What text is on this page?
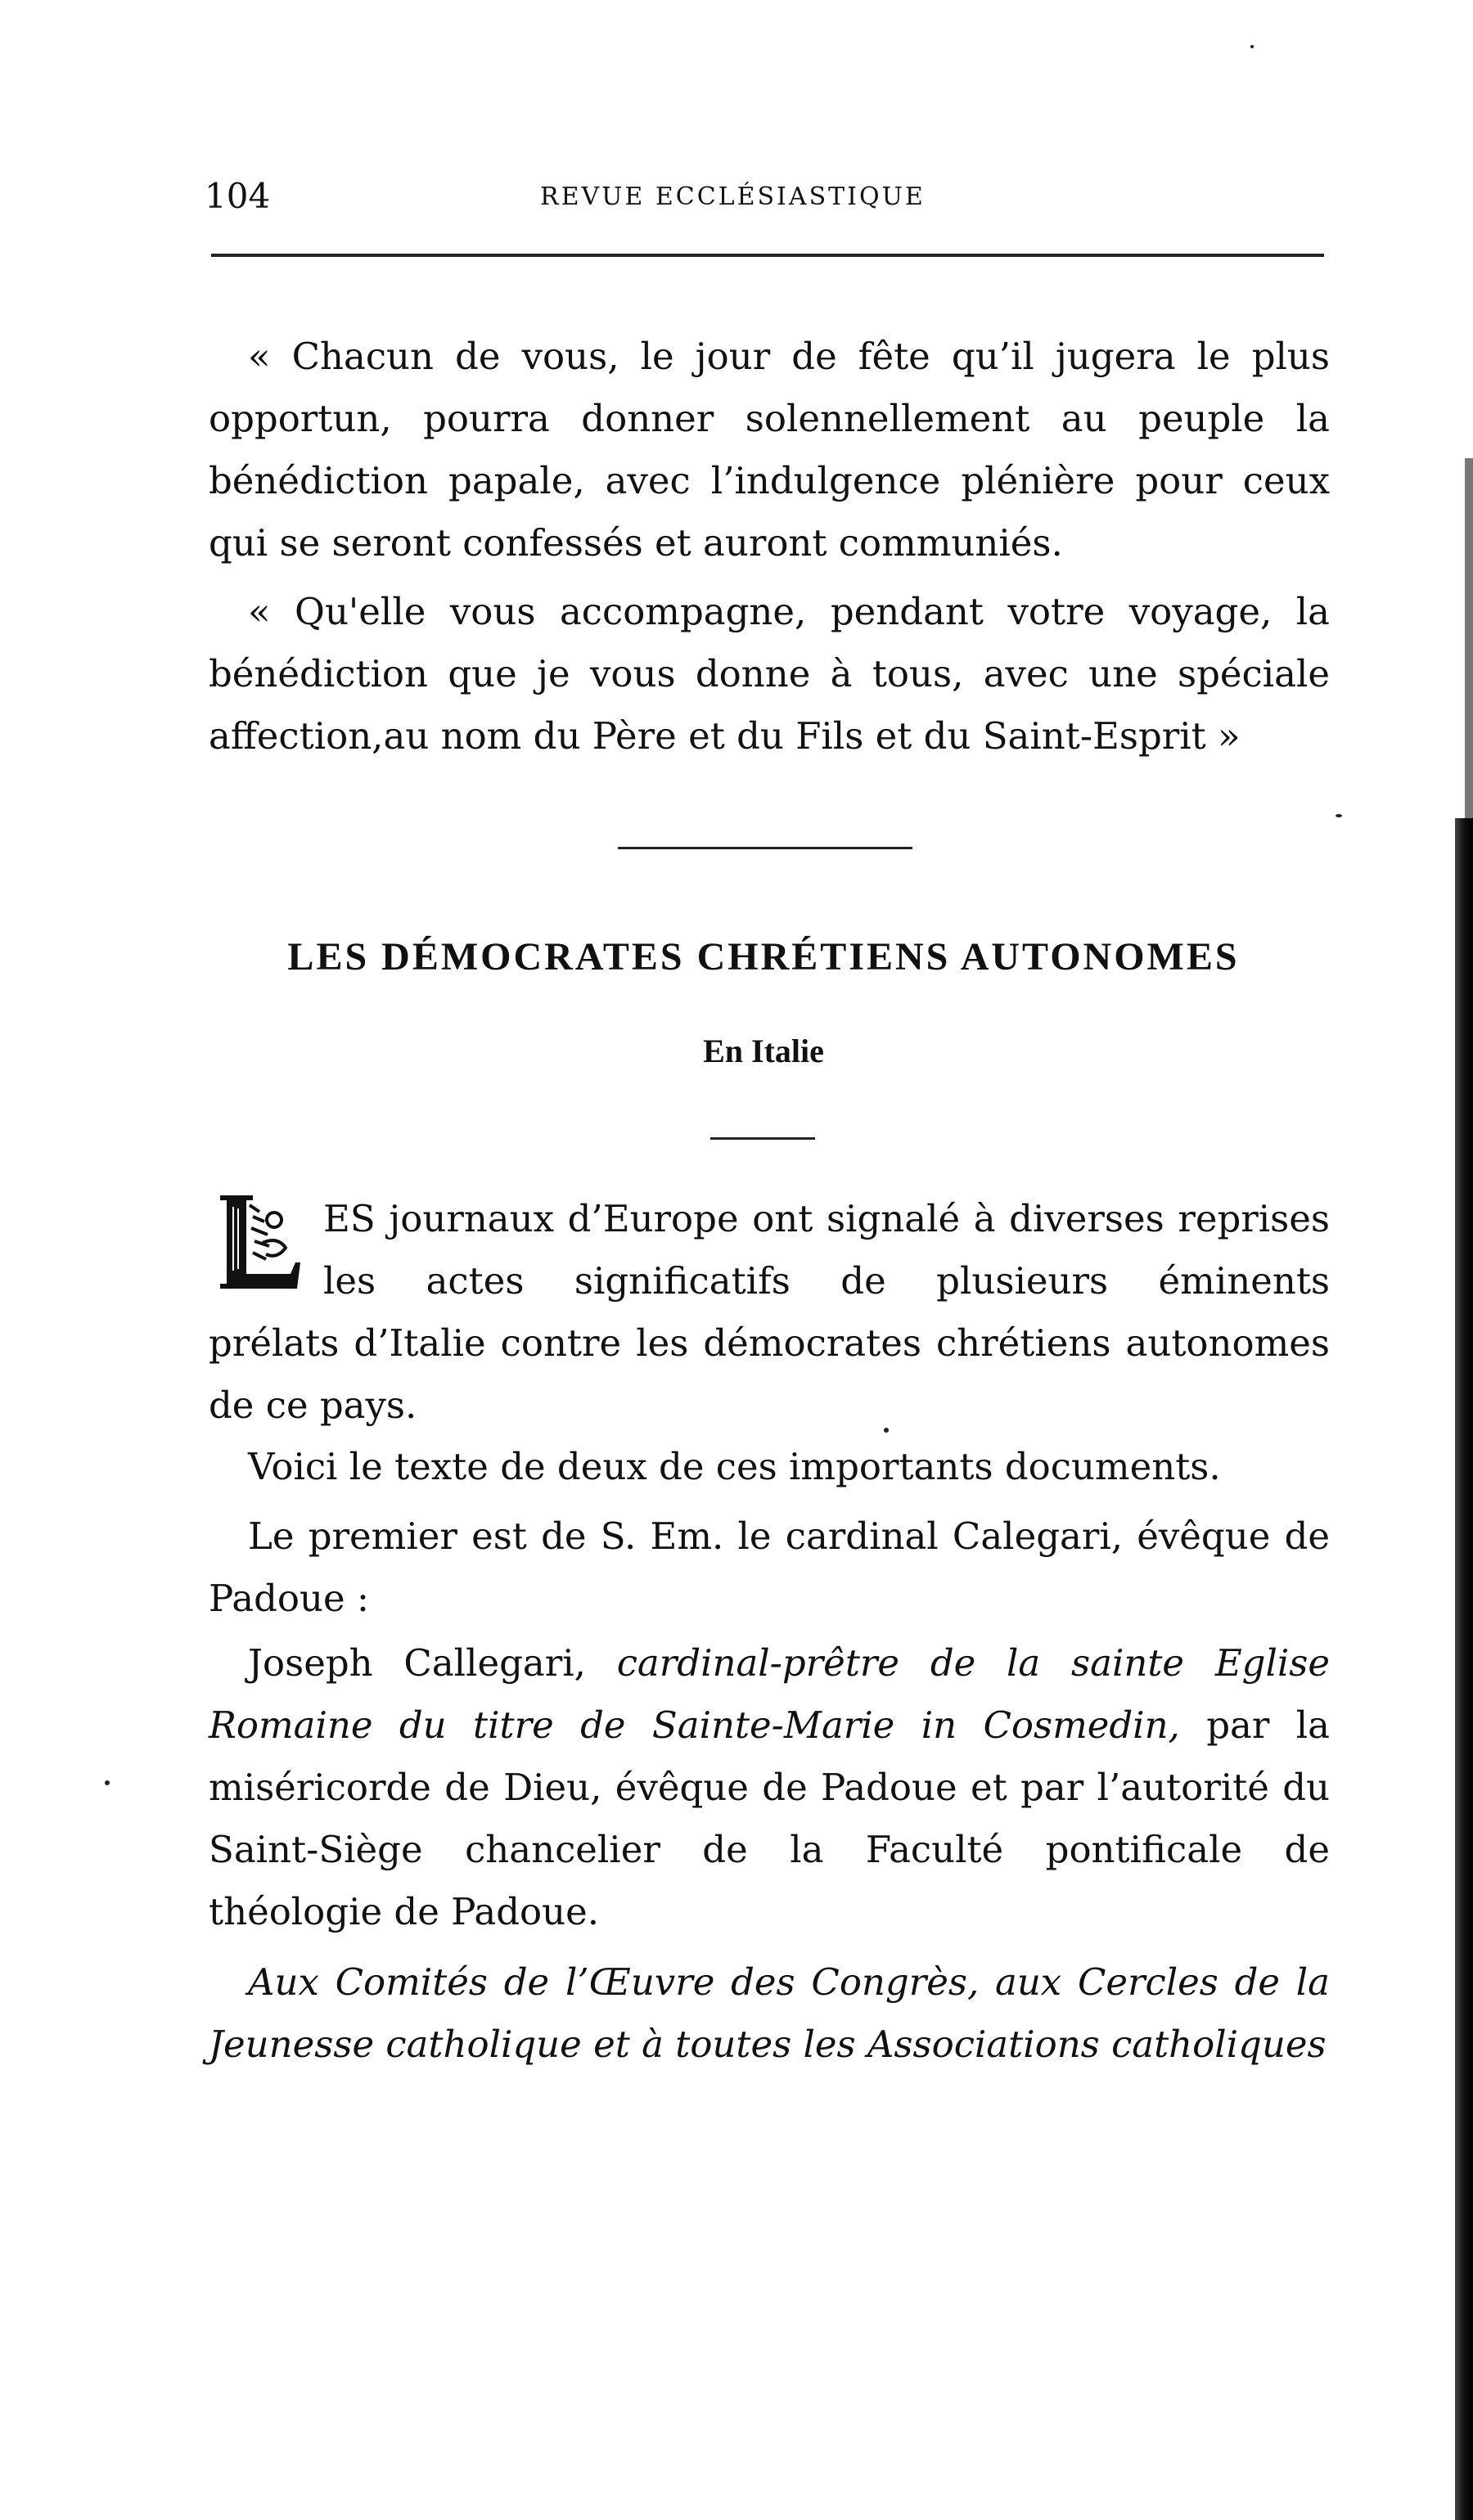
104	REVUE ECCLÉSIASTIQUE

« Chacun de vous, le jour de fête qu’il jugera le plus opportun, pourra donner solennellement au peuple la bénédiction papale, avec l’indulgence plénière pour ceux qui se seront confessés et auront communiés.

« Qu'elle vous accompagne, pendant votre voyage, la bénédiction que je vous donne à tous, avec une spéciale affection,au nom du Père et du Fils et du Saint-Esprit »

LES DÉMOCRATES CHRÉTIENS AUTONOMES
En Italie

ES journaux d’Europe ont signalé à diverses reprises les actes significatifs de plusieurs éminents

prélats d’Italie contre les démocrates chrétiens autonomes de ce pays.

Voici le texte de deux de ces importants documents.

Le premier est de S. Em. le cardinal Calegari, évêque de Padoue :

Joseph Callegari, cardinal-prêtre de la sainte Eglise Romaine du titre de Sainte-Marie in Cosmedin, par la miséricorde de Dieu, évêque de Padoue et par l’autorité du Saint-Siège chancelier de la Faculté pontificale de théologie de Padoue.

Aux Comités de l’Œuvre des Congrès, aux Cercles de la Jeunesse catholique et à toutes les Associations catholiques
